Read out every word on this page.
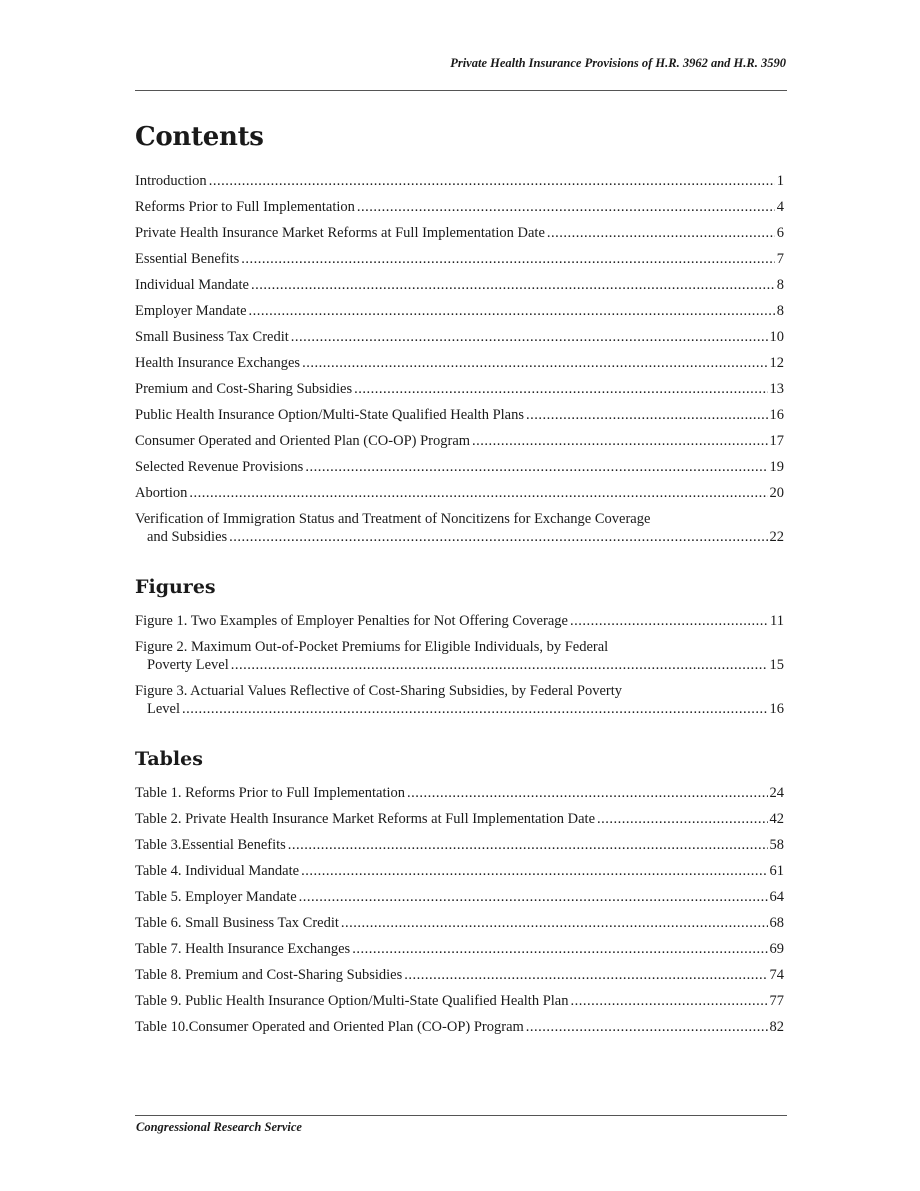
Private Health Insurance Provisions of H.R. 3962 and H.R. 3590
Contents
Introduction .....	1
Reforms Prior to Full Implementation .....	4
Private Health Insurance Market Reforms at Full Implementation Date .....	6
Essential Benefits .....	7
Individual Mandate .....	8
Employer Mandate .....	8
Small Business Tax Credit .....	10
Health Insurance Exchanges .....	12
Premium and Cost-Sharing Subsidies .....	13
Public Health Insurance Option/Multi-State Qualified Health Plans .....	16
Consumer Operated and Oriented Plan (CO-OP) Program .....	17
Selected Revenue Provisions .....	19
Abortion .....	20
Verification of Immigration Status and Treatment of Noncitizens for Exchange Coverage
and Subsidies .....	22
Figures
Figure 1. Two Examples of Employer Penalties for Not Offering Coverage .....	11
Figure 2. Maximum Out-of-Pocket Premiums for Eligible Individuals, by Federal
Poverty Level .....	15
Figure 3. Actuarial Values Reflective of Cost-Sharing Subsidies, by Federal Poverty
Level .....	16
Tables
Table 1. Reforms Prior to Full Implementation .....	24
Table 2. Private Health Insurance Market Reforms at Full Implementation Date .....	42
Table 3.Essential Benefits .....	58
Table 4. Individual Mandate .....	61
Table 5. Employer Mandate .....	64
Table 6. Small Business Tax Credit .....	68
Table 7. Health Insurance Exchanges .....	69
Table 8. Premium and Cost-Sharing Subsidies .....	74
Table 9. Public Health Insurance Option/Multi-State Qualified Health Plan .....	77
Table 10.Consumer Operated and Oriented Plan (CO-OP) Program .....	82
Congressional Research Service
